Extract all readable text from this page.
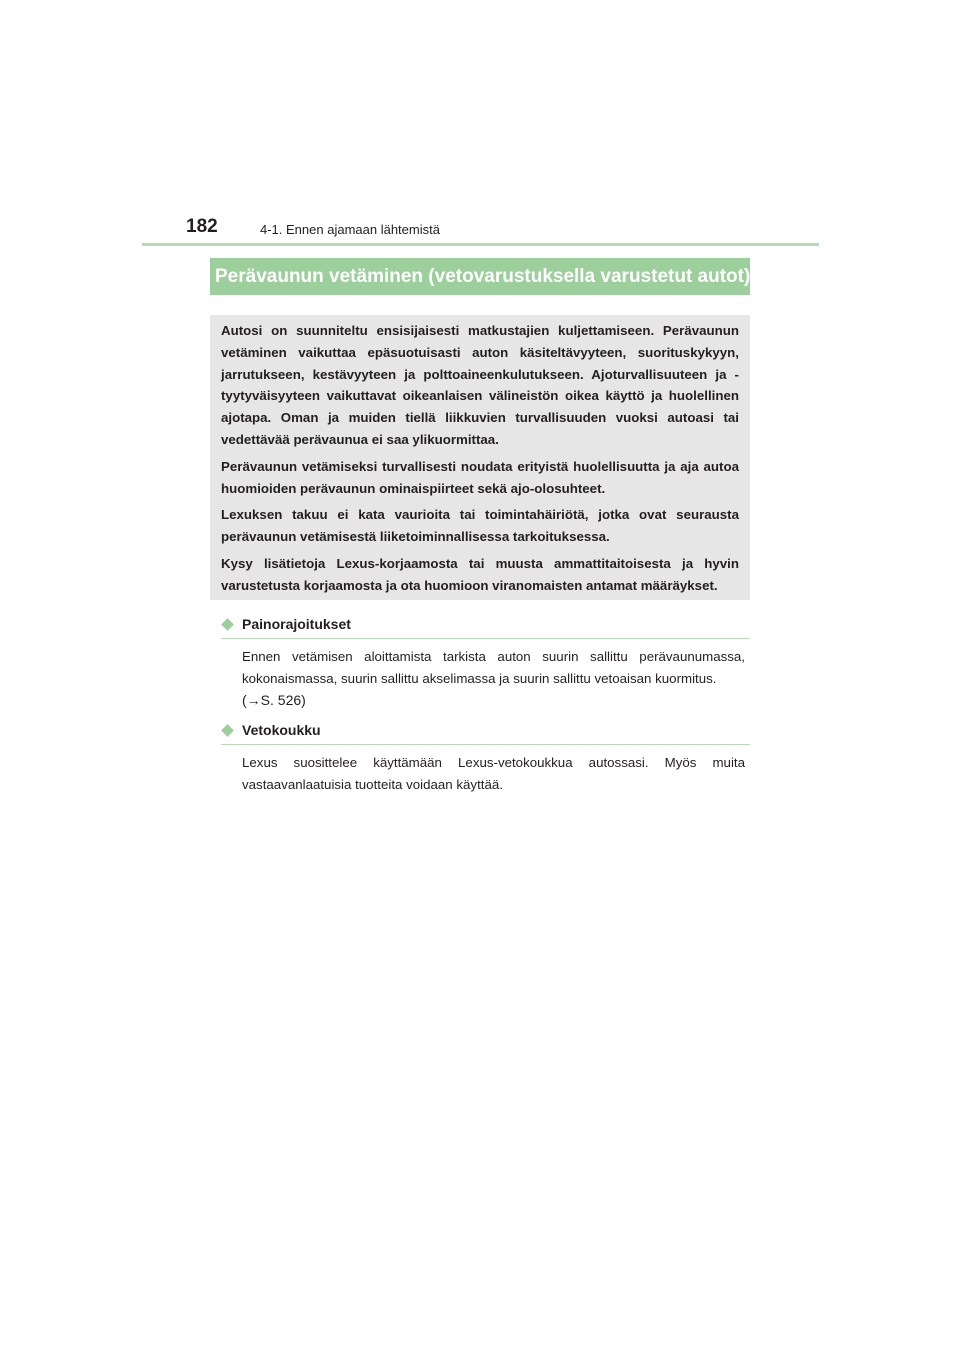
182	4-1. Ennen ajamaan lähtemistä
Perävaunun vetäminen (vetovarustuksella varustetut autot)

Autosi on suunniteltu ensisijaisesti matkustajien kuljettamiseen. Perävaunun vetäminen vaikuttaa epäsuotuisasti auton käsiteltävyyteen, suorituskykyyn, jarrutukseen, kestävyyteen ja polttoaineenkulutukseen. Ajoturvallisuuteen ja -tyytyväisyyteen vaikuttavat oikeanlaisen välineistön oikea käyttö ja huolellinen ajotapa. Oman ja muiden tiellä liikkuvien turvallisuuden vuoksi autoasi tai vedettävää perävaunua ei saa ylikuormittaa.

Perävaunun vetämiseksi turvallisesti noudata erityistä huolellisuutta ja aja autoa huomioiden perävaunun ominaispiirteet sekä ajo-olosuhteet.

Lexuksen takuu ei kata vaurioita tai toimintahäiriötä, jotka ovat seurausta perävaunun vetämisestä liiketoiminnallisessa tarkoituksessa.

Kysy lisätietoja Lexus-korjaamosta tai muusta ammattitaitoisesta ja hyvin varustetusta korjaamosta ja ota huomioon viranomaisten antamat määräykset.

Painorajoitukset

Ennen vetämisen aloittamista tarkista auton suurin sallittu perävaunumassa, kokonaismassa, suurin sallittu akselimassa ja suurin sallittu vetoaisan kuormitus.
(→S. 526)

Vetokoukku

Lexus suosittelee käyttämään Lexus-vetokoukkua autossasi. Myös muita vastaavanlaatuisia tuotteita voidaan käyttää.
